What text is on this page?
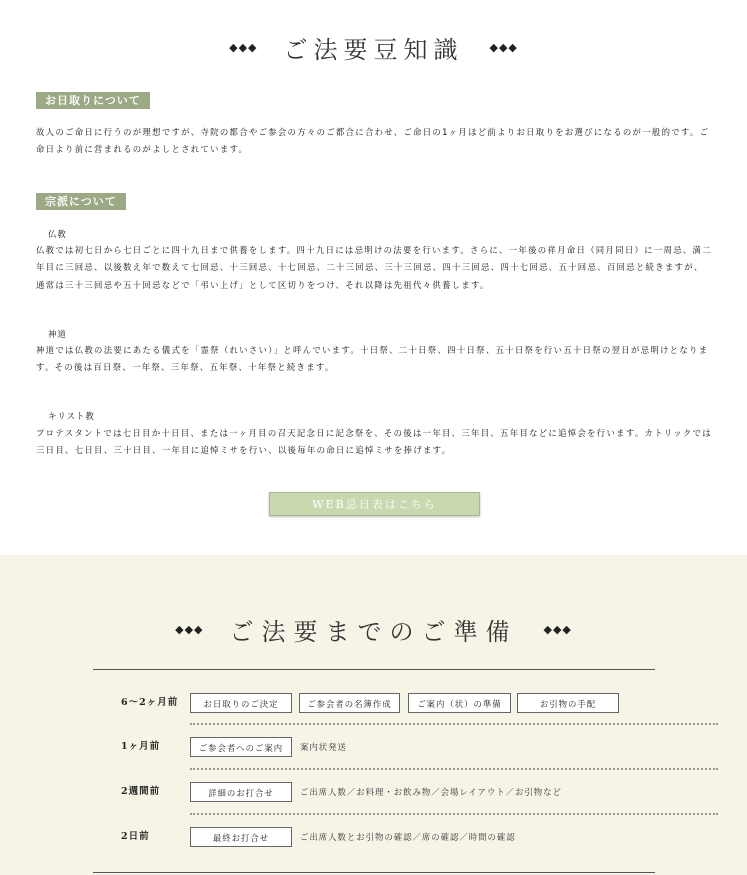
◆◆◆ ご法要豆知識 ◆◆◆
お日取りについて

故人のご命日に行うのが理想ですが、寺院の都合やご参会の方々のご都合に合わせ、ご命日の1ヶ月ほど前よりお日取りをお選びになるのが一般的です。ご命日より前に営まれるのがよしとされています。

宗派について
仏教

仏教では初七日から七日ごとに四十九日まで供養をします。四十九日には忌明けの法要を行います。さらに、一年後の祥月命日（同月同日）に一周忌、満二年目に三回忌、以後数え年で数えて七回忌、十三回忌、十七回忌、二十三回忌、三十三回忌、四十三回忌、四十七回忌、五十回忌、百回忌と続きますが、通常は三十三回忌や五十回忌などで「弔い上げ」として区切りをつけ、それ以降は先祖代々供養します。

神道

神道では仏教の法要にあたる儀式を「霊祭（れいさい）」と呼んでいます。十日祭、二十日祭、四十日祭、五十日祭を行い五十日祭の翌日が忌明けとなります。その後は百日祭、一年祭、三年祭、五年祭、十年祭と続きます。

キリスト教

プロテスタントでは七日目か十日目、または一ヶ月目の召天記念日に記念祭を、その後は一年目、三年目、五年目などに追悼会を行います。カトリックでは三日目、七日目、三十日目、一年目に追悼ミサを行い、以後毎年の命日に追悼ミサを捧げます。

WEB忌日表はこちら
◆◆◆ ご法要までのご準備 ◆◆◆
6～2ヶ月前	お日取りのご決定	ご参会者の名簿作成	ご案内（状）の準備	お引物の手配
1ヶ月前	ご参会者へのご案内	案内状発送
2週間前	詳細のお打合せ	ご出席人数／お料理・お飲み物／会場レイアウト／お引物など
2日前	最終お打合せ	ご出席人数とお引物の確認／席の確認／時間の確認
